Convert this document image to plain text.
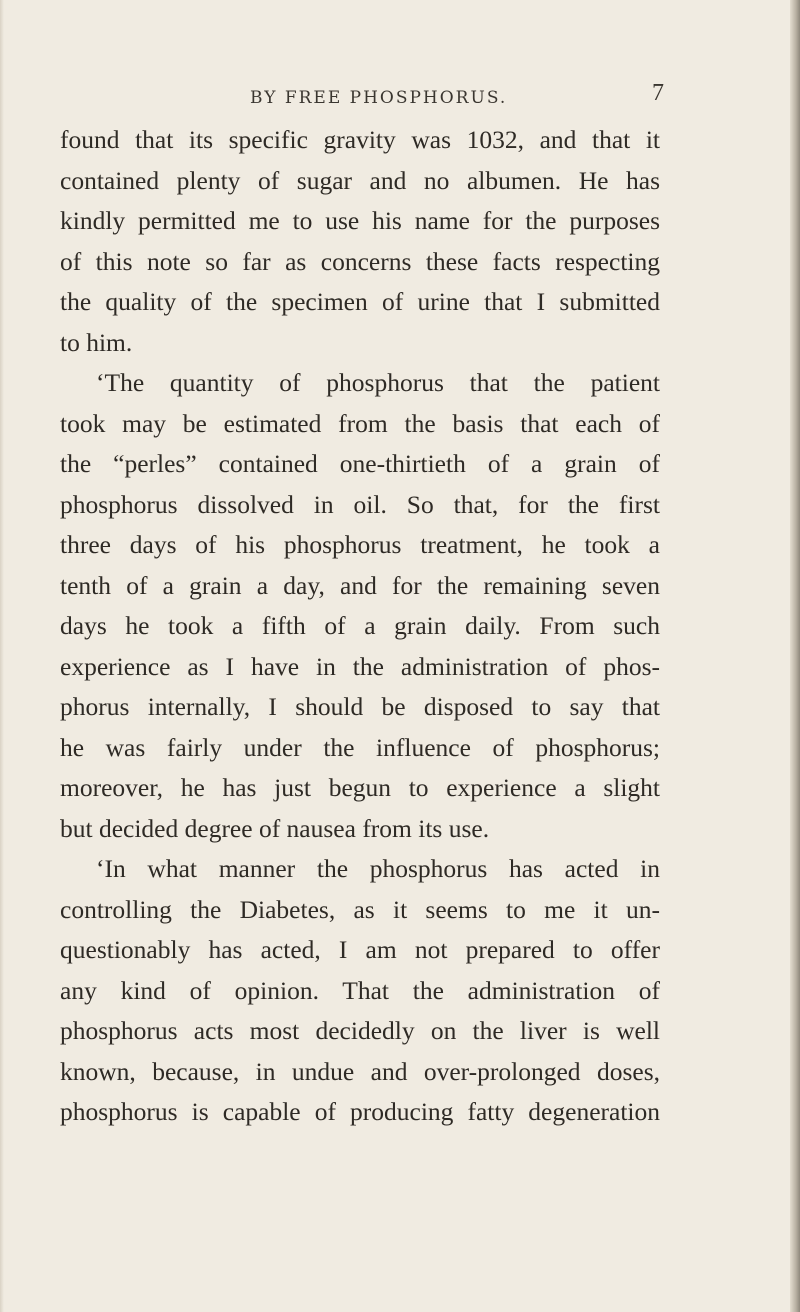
BY FREE PHOSPHORUS.	7
found that its specific gravity was 1032, and that it
contained plenty of sugar and no albumen. He has
kindly permitted me to use his name for the purposes
of this note so far as concerns these facts respecting
the quality of the specimen of urine that I submitted
to him.
‘The quantity of phosphorus that the patient
took may be estimated from the basis that each of
the “perles” contained one-thirtieth of a grain of
phosphorus dissolved in oil. So that, for the first
three days of his phosphorus treatment, he took a
tenth of a grain a day, and for the remaining seven
days he took a fifth of a grain daily. From such
experience as I have in the administration of phos-
phorus internally, I should be disposed to say that
he was fairly under the influence of phosphorus;
moreover, he has just begun to experience a slight
but decided degree of nausea from its use.
‘In what manner the phosphorus has acted in
controlling the Diabetes, as it seems to me it un-
questionably has acted, I am not prepared to offer
any kind of opinion. That the administration of
phosphorus acts most decidedly on the liver is well
known, because, in undue and over-prolonged doses,
phosphorus is capable of producing fatty degeneration
